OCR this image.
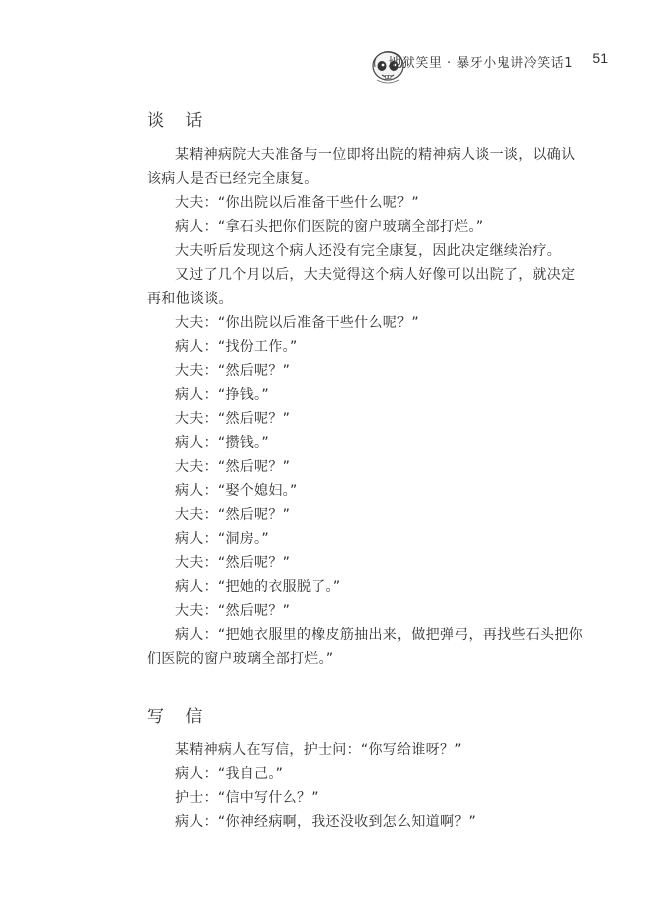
地狱笑里 · 暴牙小鬼讲冷笑话1 51
谈 话

某精神病院大夫准备与一位即将出院的精神病人谈一谈，以确认该病人是否已经完全康复。

大夫：“你出院以后准备干些什么呢？”

病人：“拿石头把你们医院的窗户玻璃全部打烂。”

大夫听后发现这个病人还没有完全康复，因此决定继续治疗。

又过了几个月以后，大夫觉得这个病人好像可以出院了，就决定再和他谈谈。

大夫：“你出院以后准备干些什么呢？”

病人：“找份工作。”

大夫：“然后呢？”

病人：“挣钱。”

大夫：“然后呢？”

病人：“攒钱。”

大夫：“然后呢？”

病人：“娶个媳妇。”

大夫：“然后呢？”

病人：“洞房。”

大夫：“然后呢？”

病人：“把她的衣服脱了。”

大夫：“然后呢？”

病人：“把她衣服里的橡皮筋抽出来，做把弹弓，再找些石头把你们医院的窗户玻璃全部打烂。”

写 信

某精神病人在写信，护士问：“你写给谁呀？”

病人：“我自己。”

护士：“信中写什么？”

病人：“你神经病啊，我还没收到怎么知道啊？”
